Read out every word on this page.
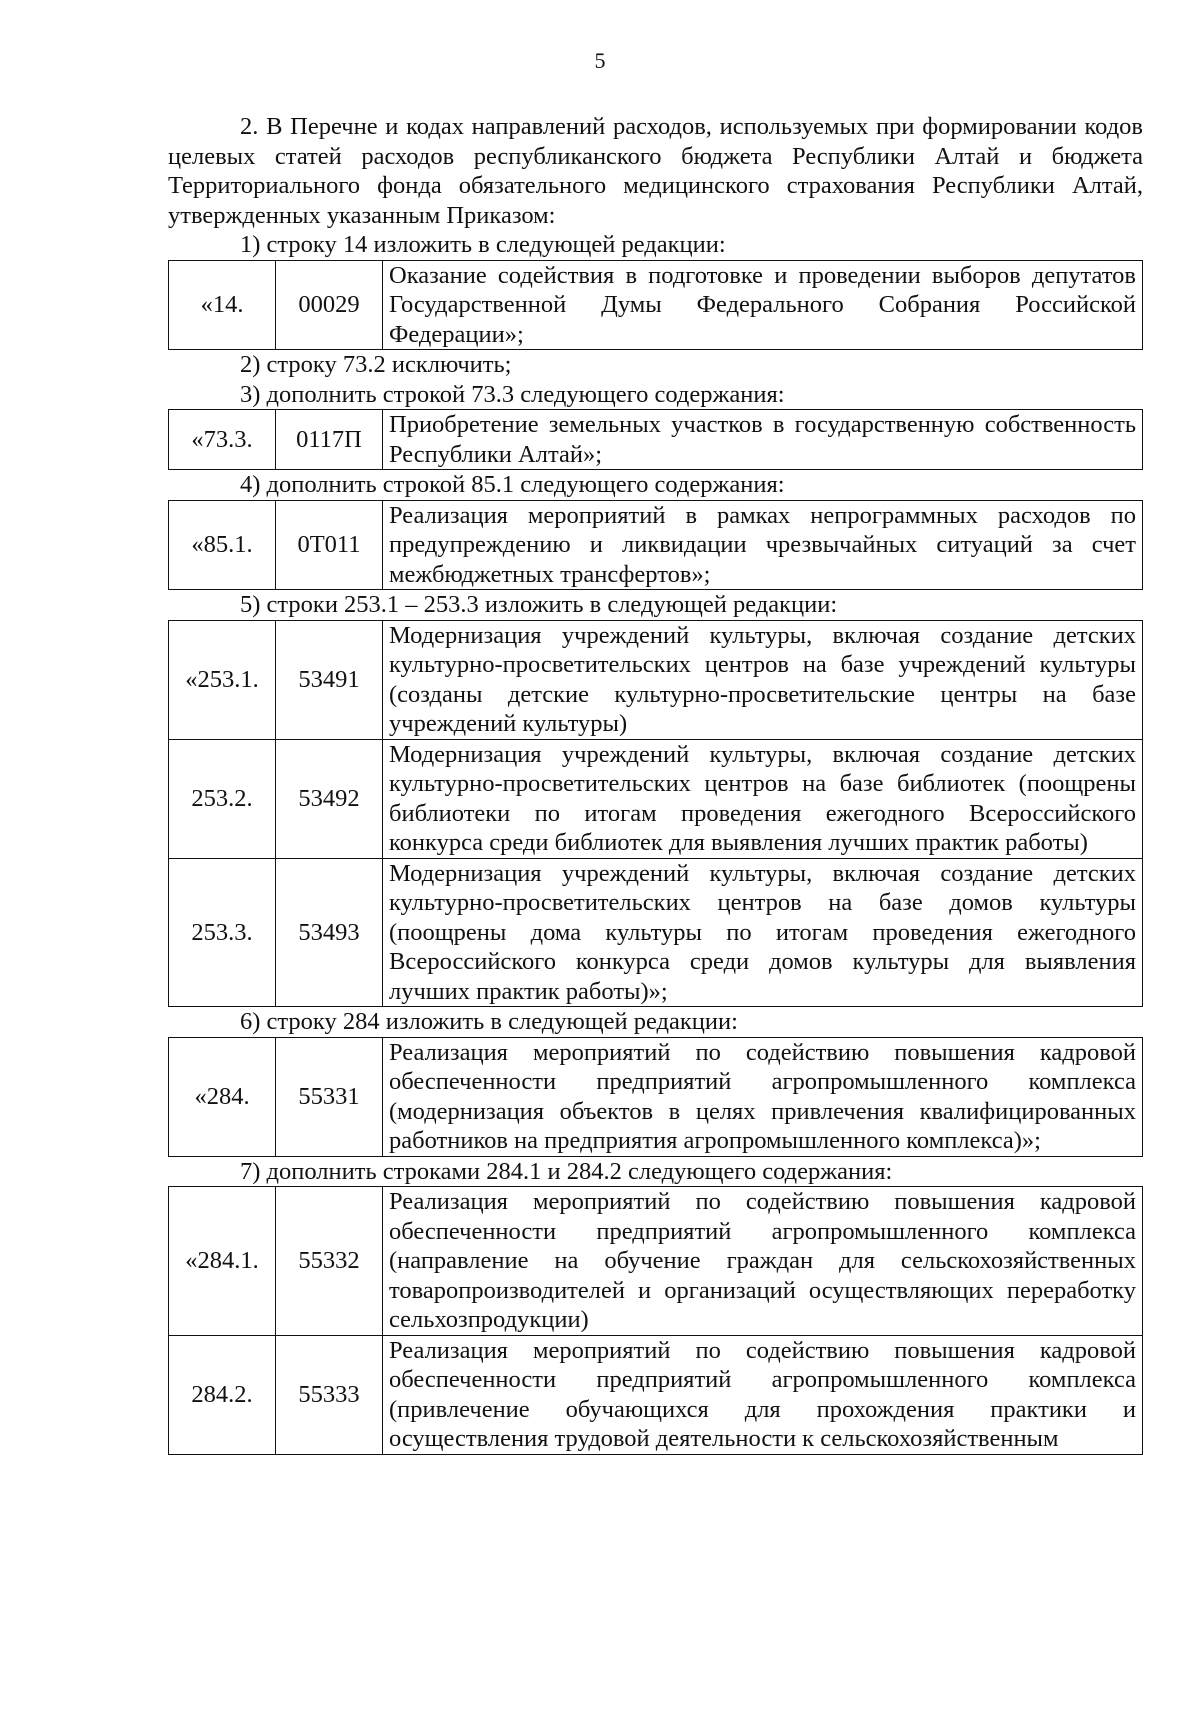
5

2. В Перечне и кодах направлений расходов, используемых при формировании кодов целевых статей расходов республиканского бюджета Республики Алтай и бюджета Территориального фонда обязательного медицинского страхования Республики Алтай, утвержденных указанным Приказом:

1) строку 14 изложить в следующей редакции:

«14.	00029	Оказание содействия в подготовке и проведении выборов депутатов Государственной Думы Федерального Собрания Российской Федерации»;

2) строку 73.2 исключить;

3) дополнить строкой 73.3 следующего содержания:

«73.3.	0117П	Приобретение земельных участков в государственную собственность Республики Алтай»;

4) дополнить строкой 85.1 следующего содержания:

«85.1.	0Т011	Реализация мероприятий в рамках непрограммных расходов по предупреждению и ликвидации чрезвычайных ситуаций за счет межбюджетных трансфертов»;

5) строки 253.1 – 253.3 изложить в следующей редакции:

«253.1.	53491	Модернизация учреждений культуры, включая создание детских культурно-просветительских центров на базе учреждений культуры (созданы детские культурно-просветительские центры на базе учреждений культуры)
253.2.	53492	Модернизация учреждений культуры, включая создание детских культурно-просветительских центров на базе библиотек (поощрены библиотеки по итогам проведения ежегодного Всероссийского конкурса среди библиотек для выявления лучших практик работы)
253.3.	53493	Модернизация учреждений культуры, включая создание детских культурно-просветительских центров на базе домов культуры (поощрены дома культуры по итогам проведения ежегодного Всероссийского конкурса среди домов культуры для выявления лучших практик работы)»;

6) строку 284 изложить в следующей редакции:

«284.	55331	Реализация мероприятий по содействию повышения кадровой обеспеченности предприятий агропромышленного комплекса (модернизация объектов в целях привлечения квалифицированных работников на предприятия агропромышленного комплекса)»;

7) дополнить строками 284.1 и 284.2 следующего содержания:

«284.1.	55332	Реализация мероприятий по содействию повышения кадровой обеспеченности предприятий агропромышленного комплекса (направление на обучение граждан для сельскохозяйственных товаропроизводителей и организаций осуществляющих переработку сельхозпродукции)
284.2.	55333	Реализация мероприятий по содействию повышения кадровой обеспеченности предприятий агропромышленного комплекса (привлечение обучающихся для прохождения практики и осуществления трудовой деятельности к сельскохозяйственным
